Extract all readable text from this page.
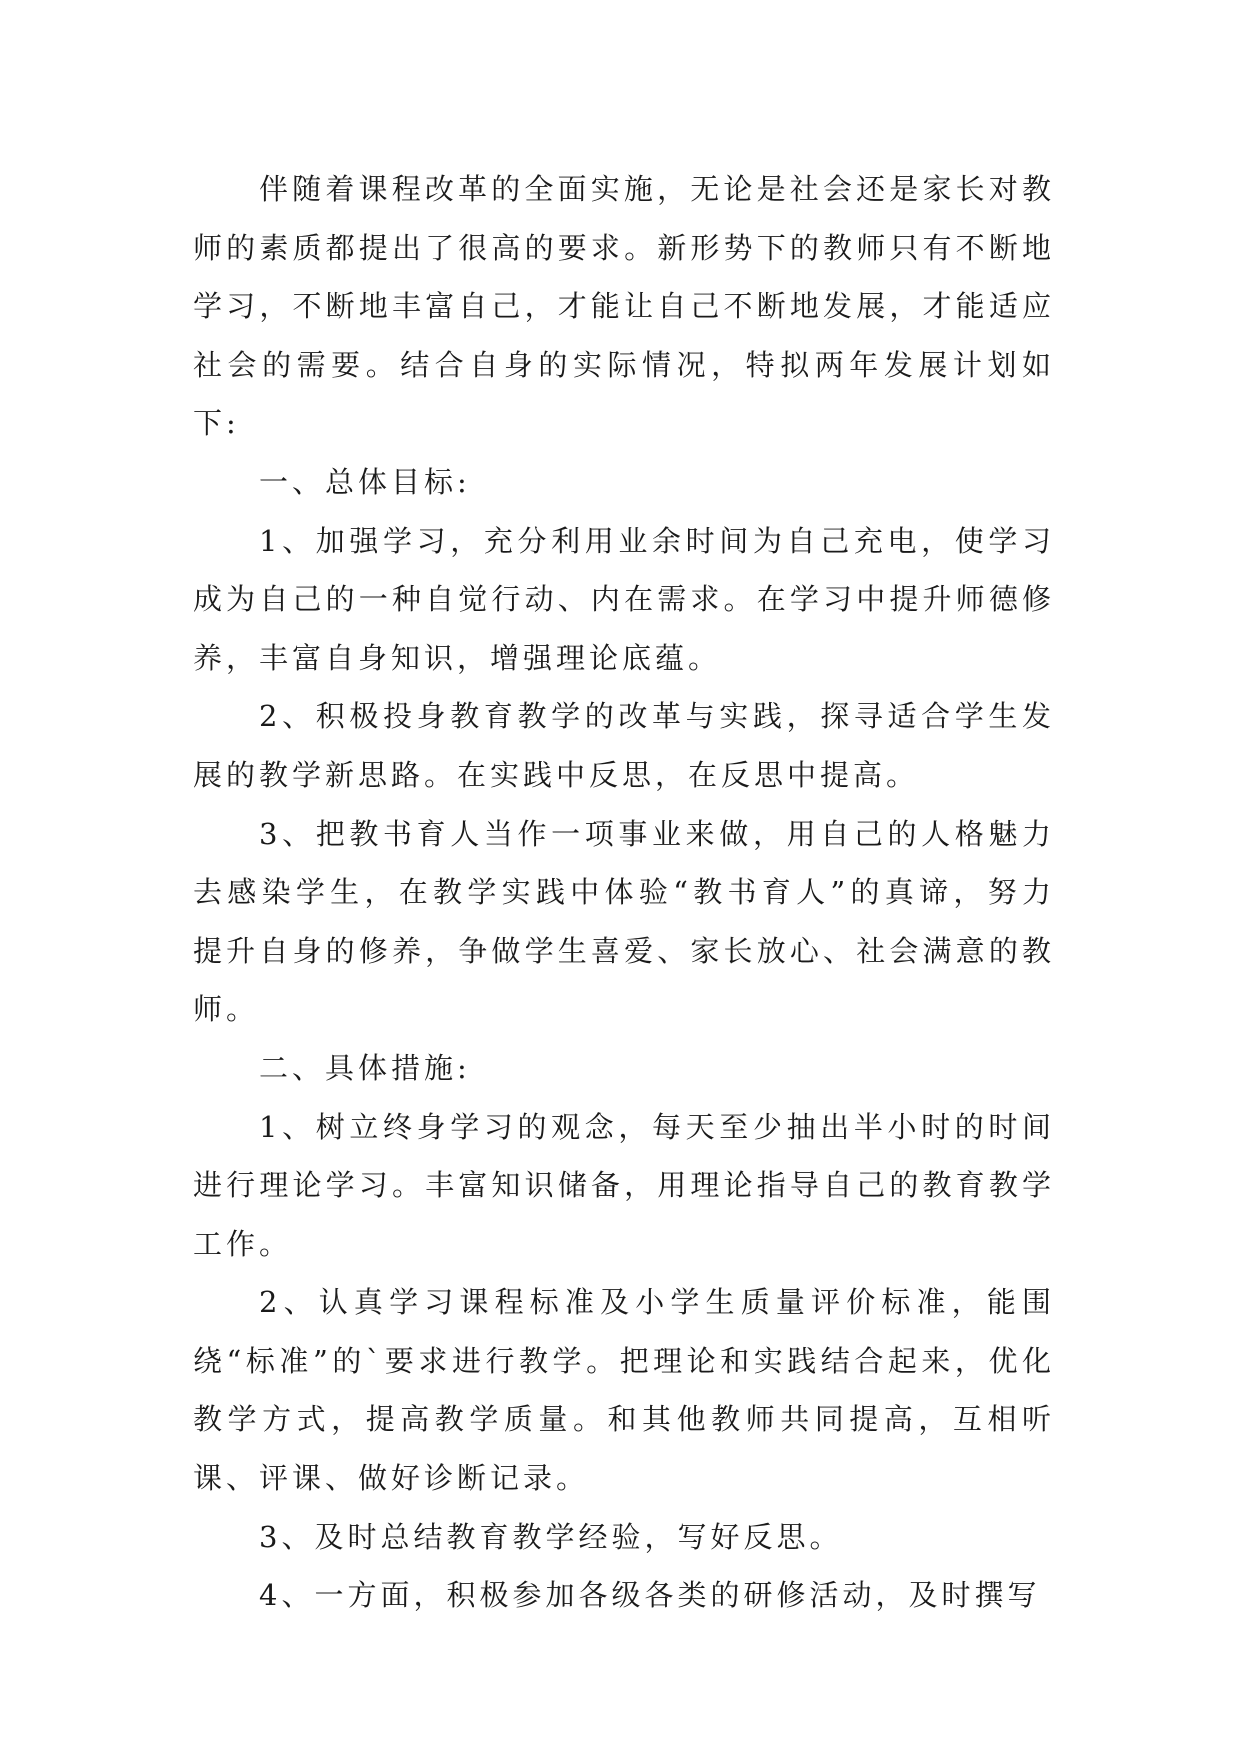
伴随着课程改革的全面实施，无论是社会还是家长对教师的素质都提出了很高的要求。新形势下的教师只有不断地学习，不断地丰富自己，才能让自己不断地发展，才能适应社会的需要。结合自身的实际情况，特拟两年发展计划如下:

一、总体目标:

1、加强学习，充分利用业余时间为自己充电，使学习成为自己的一种自觉行动、内在需求。在学习中提升师德修养，丰富自身知识，增强理论底蕴。

2、积极投身教育教学的改革与实践，探寻适合学生发展的教学新思路。在实践中反思，在反思中提高。

3、把教书育人当作一项事业来做，用自己的人格魅力去感染学生，在教学实践中体验“教书育人”的真谛，努力提升自身的修养，争做学生喜爱、家长放心、社会满意的教师。

二、具体措施:

1、树立终身学习的观念，每天至少抽出半小时的时间进行理论学习。丰富知识储备，用理论指导自己的教育教学工作。

2、认真学习课程标准及小学生质量评价标准，能围绕“标准”的`要求进行教学。把理论和实践结合起来，优化教学方式，提高教学质量。和其他教师共同提高，互相听课、评课、做好诊断记录。

3、及时总结教育教学经验，写好反思。

4、一方面，积极参加各级各类的研修活动，及时撰写
